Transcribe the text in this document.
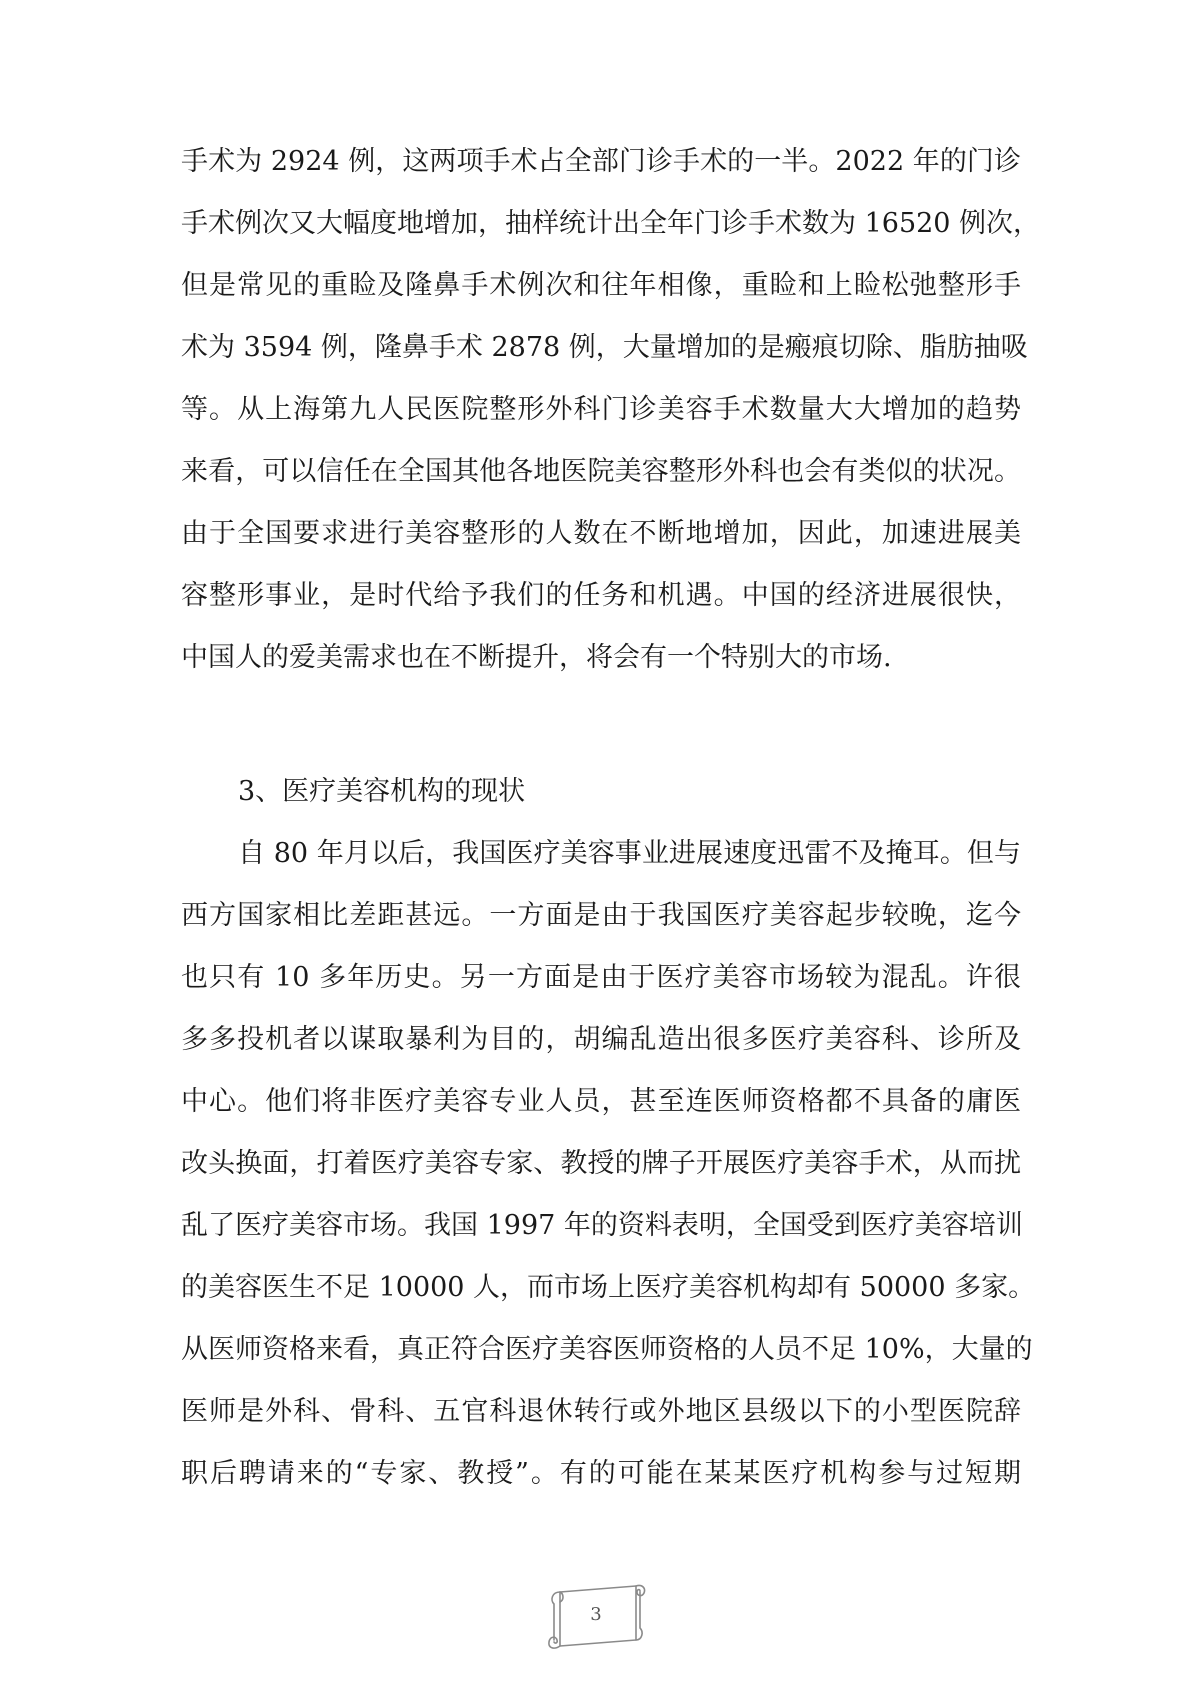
手术为 2924 例，这两项手术占全部门诊手术的一半。2022 年的门诊
手术例次又大幅度地增加，抽样统计出全年门诊手术数为 16520 例次，
但是常见的重睑及隆鼻手术例次和往年相像，重睑和上睑松弛整形手
术为 3594 例，隆鼻手术 2878 例，大量增加的是瘢痕切除、脂肪抽吸
等。从上海第九人民医院整形外科门诊美容手术数量大大增加的趋势
来看，可以信任在全国其他各地医院美容整形外科也会有类似的状况。
由于全国要求进行美容整形的人数在不断地增加，因此，加速进展美
容整形事业，是时代给予我们的任务和机遇。中国的经济进展很快，
中国人的爱美需求也在不断提升，将会有一个特别大的市场.
3、医疗美容机构的现状
自 80 年月以后，我国医疗美容事业进展速度迅雷不及掩耳。但与
西方国家相比差距甚远。一方面是由于我国医疗美容起步较晚，迄今
也只有 10 多年历史。另一方面是由于医疗美容市场较为混乱。许很
多多投机者以谋取暴利为目的，胡编乱造出很多医疗美容科、诊所及
中心。他们将非医疗美容专业人员，甚至连医师资格都不具备的庸医
改头换面，打着医疗美容专家、教授的牌子开展医疗美容手术，从而扰
乱了医疗美容市场。我国 1997 年的资料表明，全国受到医疗美容培训
的美容医生不足 10000 人，而市场上医疗美容机构却有 50000 多家。
从医师资格来看，真正符合医疗美容医师资格的人员不足 10%，大量的
医师是外科、骨科、五官科退休转行或外地区县级以下的小型医院辞
职后聘请来的“专家、教授”。有的可能在某某医疗机构参与过短期
3
